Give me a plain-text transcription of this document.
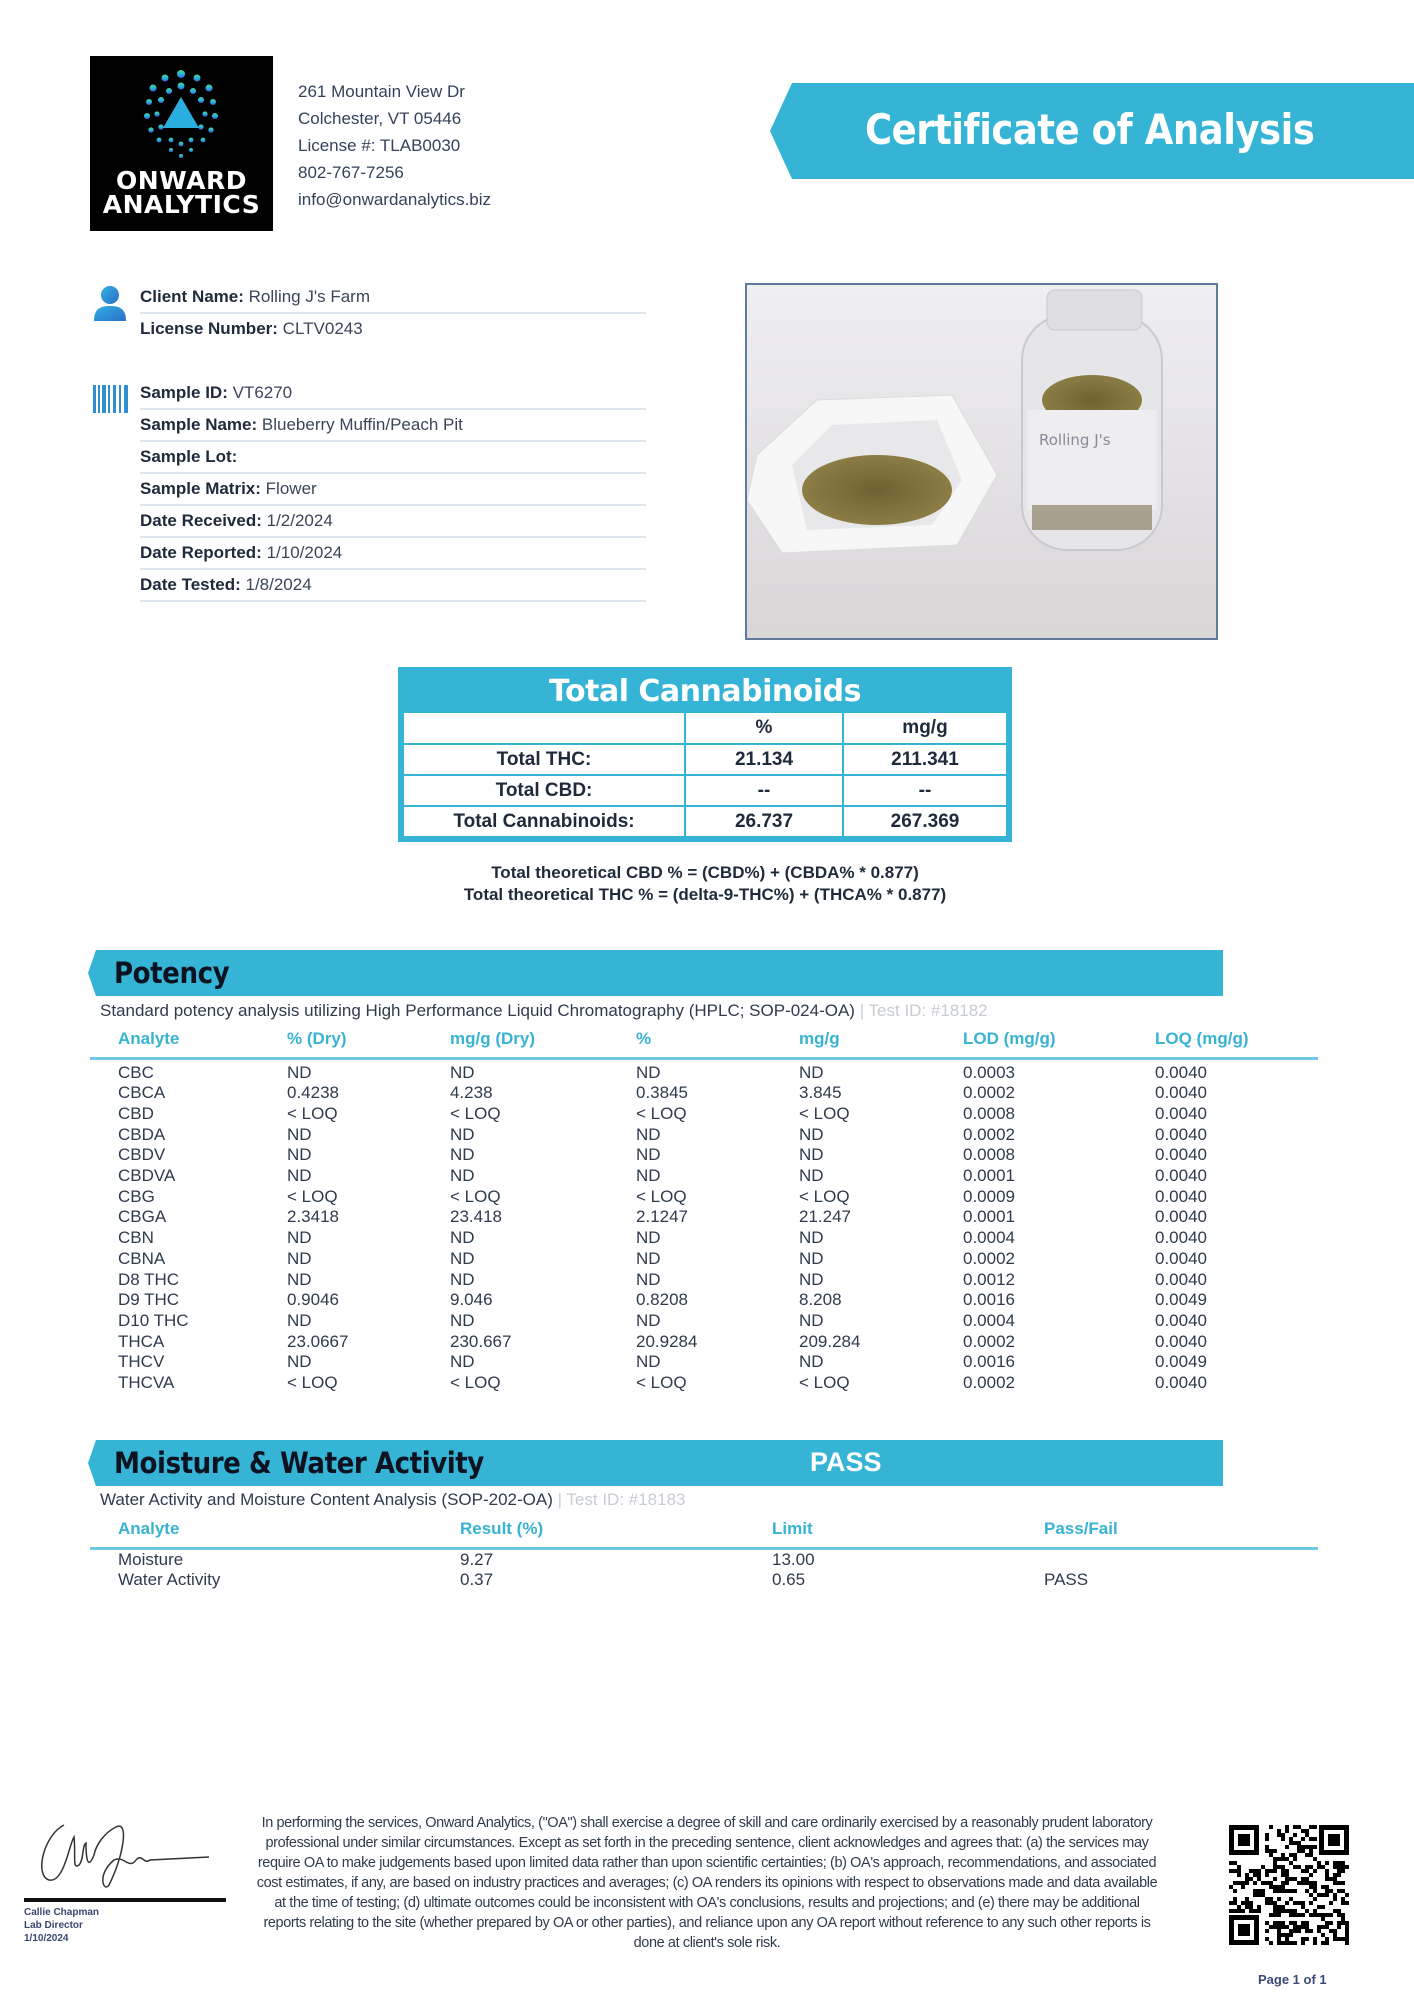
ONWARD
ANALYTICS
261 Mountain View Dr
Colchester, VT 05446
License #: TLAB0030
802-767-7256
info@onwardanalytics.biz
Certificate of Analysis
Client Name: Rolling J's Farm
License Number: CLTV0243
Sample ID: VT6270
Sample Name: Blueberry Muffin/Peach Pit
Sample Lot:
Sample Matrix: Flower
Date Received: 1/2/2024
Date Reported: 1/10/2024
Date Tested: 1/8/2024
Rolling J's
Total Cannabinoids
	%	mg/g
Total THC:	21.134	211.341
Total CBD:	--	--
Total Cannabinoids:	26.737	267.369
Total theoretical CBD % = (CBD%) + (CBDA% * 0.877)
Total theoretical THC % = (delta-9-THC%) + (THCA% * 0.877)
Potency
Standard potency analysis utilizing High Performance Liquid Chromatography (HPLC; SOP-024-OA) | Test ID: #18182
Analyte	% (Dry)	mg/g (Dry)	%	mg/g	LOD (mg/g)	LOQ (mg/g)
CBC	ND	ND	ND	ND	0.0003	0.0040
CBCA	0.4238	4.238	0.3845	3.845	0.0002	0.0040
CBD	< LOQ	< LOQ	< LOQ	< LOQ	0.0008	0.0040
CBDA	ND	ND	ND	ND	0.0002	0.0040
CBDV	ND	ND	ND	ND	0.0008	0.0040
CBDVA	ND	ND	ND	ND	0.0001	0.0040
CBG	< LOQ	< LOQ	< LOQ	< LOQ	0.0009	0.0040
CBGA	2.3418	23.418	2.1247	21.247	0.0001	0.0040
CBN	ND	ND	ND	ND	0.0004	0.0040
CBNA	ND	ND	ND	ND	0.0002	0.0040
D8 THC	ND	ND	ND	ND	0.0012	0.0040
D9 THC	0.9046	9.046	0.8208	8.208	0.0016	0.0049
D10 THC	ND	ND	ND	ND	0.0004	0.0040
THCA	23.0667	230.667	20.9284	209.284	0.0002	0.0040
THCV	ND	ND	ND	ND	0.0016	0.0049
THCVA	< LOQ	< LOQ	< LOQ	< LOQ	0.0002	0.0040
Moisture & Water Activity	PASS
Water Activity and Moisture Content Analysis (SOP-202-OA) | Test ID: #18183
Analyte	Result (%)	Limit	Pass/Fail
Moisture	9.27	13.00	
Water Activity	0.37	0.65	PASS
Callie Chapman
Lab Director
1/10/2024
In performing the services, Onward Analytics, ("OA") shall exercise a degree of skill and care ordinarily exercised by a reasonably prudent laboratory professional under similar circumstances. Except as set forth in the preceding sentence, client acknowledges and agrees that: (a) the services may require OA to make judgements based upon limited data rather than upon scientific certainties; (b) OA's approach, recommendations, and associated cost estimates, if any, are based on industry practices and averages; (c) OA renders its opinions with respect to observations made and data available at the time of testing; (d) ultimate outcomes could be inconsistent with OA's conclusions, results and projections; and (e) there may be additional reports relating to the site (whether prepared by OA or other parties), and reliance upon any OA report without reference to any such other reports is done at client's sole risk.
Page 1 of 1
